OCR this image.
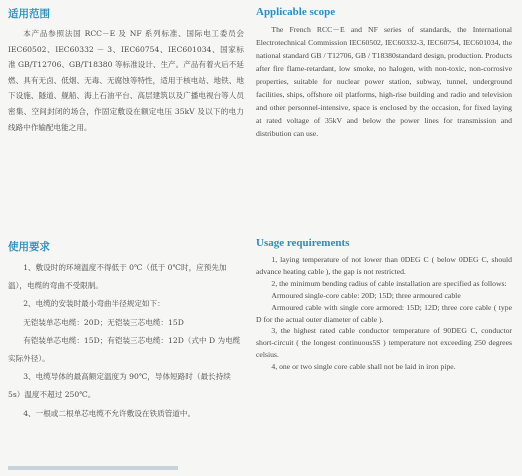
适用范围

本产品参照法国 RCC－E 及 NF 系列标准、国际电工委员会 IEC60502、IEC60332 － 3、IEC60754、IEC601034、国家标准 GB/T12706、GB/T18380 等标准设计、生产。产品有着火后不延燃、具有无卤、低烟、无毒、无腐蚀等特性，适用于核电站、地铁、地下设施、隧道、舰船、海上石油平台、高层建筑以及广播电视台等人员密集、空间封闭的场合，作固定敷设在额定电压 35kV 及以下的电力线路中作输配电能之用。

Applicable scope

The French RCC－E and NF series of standards, the International Electrotechnical Commission IEC60502, IEC60332-3, IEC60754, IEC601034, the national standard GB / T12706, GB / T18380standard design, production. Products after fire flame-retardant, low smoke, no halogen, with non-toxic, non-corrosive properties, suitable for nuclear power station, subway, tunnel, underground facilities, ships, offshore oil platforms, high-rise building and radio and television and other personnel-intensive, space is enclosed by the occasion, for fixed laying at rated voltage of 35kV and below the power lines for transmission and distribution can use.

使用要求

1、敷设时的环境温度不得低于 0℃（低于 0℃时，应预先加温），电缆的弯曲不受限制。

2、电缆的安装时最小弯曲半径规定如下：

无铠装单芯电缆：20D；无铠装三芯电缆：15D

有铠装单芯电缆：15D；有铠装三芯电缆：12D（式中 D 为电缆实际外径）。

3、电缆导体的最高额定温度为 90℃，导体短路时（最长持续 5s）温度不超过 250℃。

4、一根或二根单芯电缆不允许敷设在铁质管道中。

Usage requirements

1, laying temperature of not lower than 0DEG C ( below 0DEG C, should advance heating cable ), the gap is not restricted.

2, the minimum bending radius of cable installation are specified as follows:

Armoured single-core cable: 20D; 15D; three armoured cable

Armoured cable with single core armored: 15D; 12D; three core cable ( type D for the actual outer diameter of cable ).

3, the highest rated cable conductor temperature of 90DEG C, conductor short-circuit ( the longest continuous5S ) temperature not exceeding 250 degrees celsius.

4, one or two single core cable shall not be laid in iron pipe.
